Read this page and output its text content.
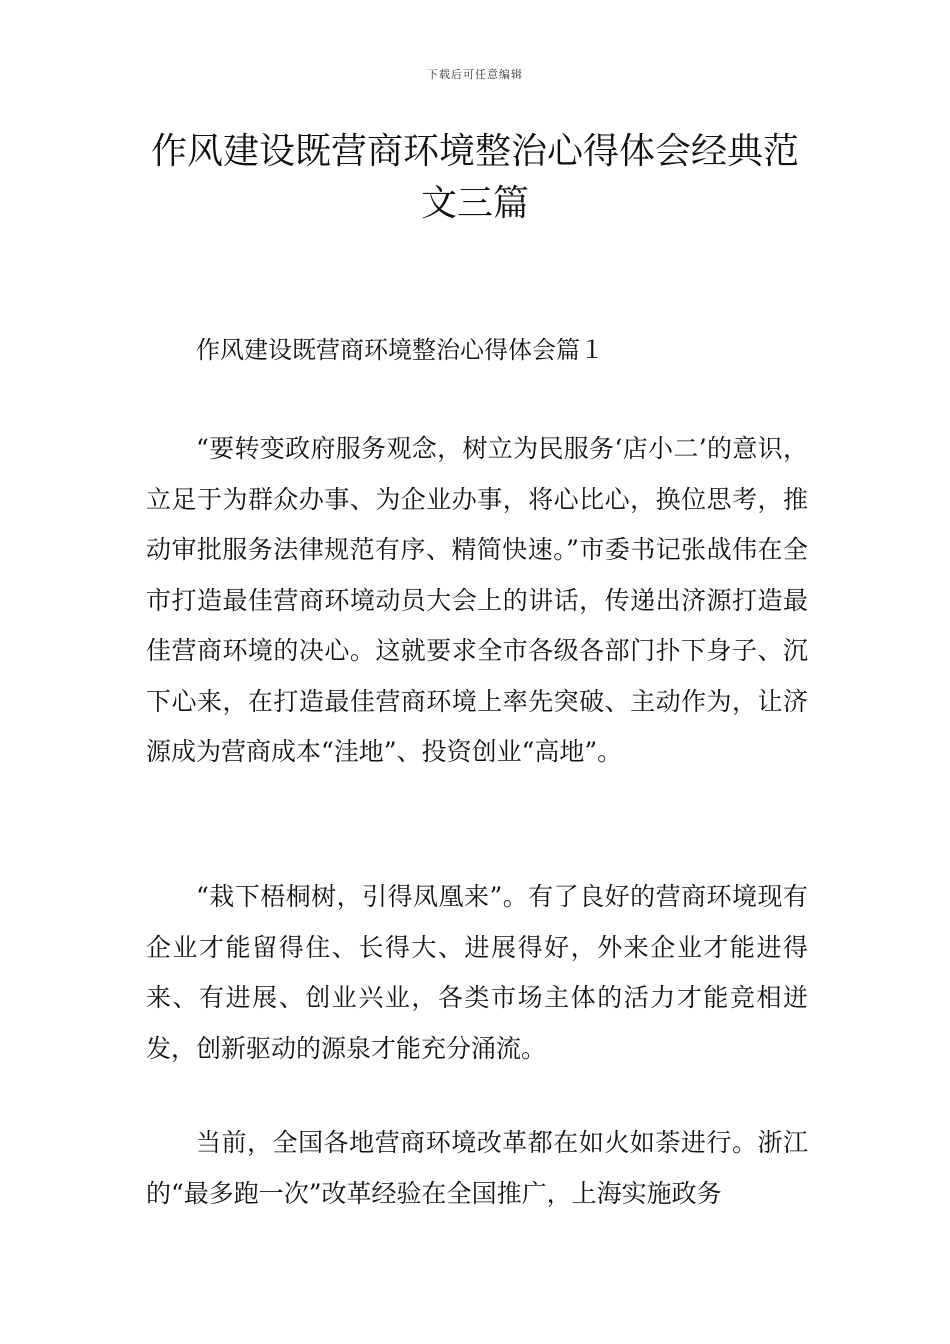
下载后可任意编辑
作风建设既营商环境整治心得体会经典范文三篇
作风建设既营商环境整治心得体会篇１

“要转变政府服务观念，树立为民服务‘店小二’的意识，立足于为群众办事、为企业办事，将心比心，换位思考，推动审批服务法律规范有序、精简快速。”市委书记张战伟在全市打造最佳营商环境动员大会上的讲话，传递出济源打造最佳营商环境的决心。这就要求全市各级各部门扑下身子、沉下心来，在打造最佳营商环境上率先突破、主动作为，让济源成为营商成本“洼地”、投资创业“高地”。

“栽下梧桐树，引得凤凰来”。有了良好的营商环境现有企业才能留得住、长得大、进展得好，外来企业才能进得来、有进展、创业兴业，各类市场主体的活力才能竞相迸发，创新驱动的源泉才能充分涌流。

当前，全国各地营商环境改革都在如火如荼进行。浙江的“最多跑一次”改革经验在全国推广，上海实施政务
